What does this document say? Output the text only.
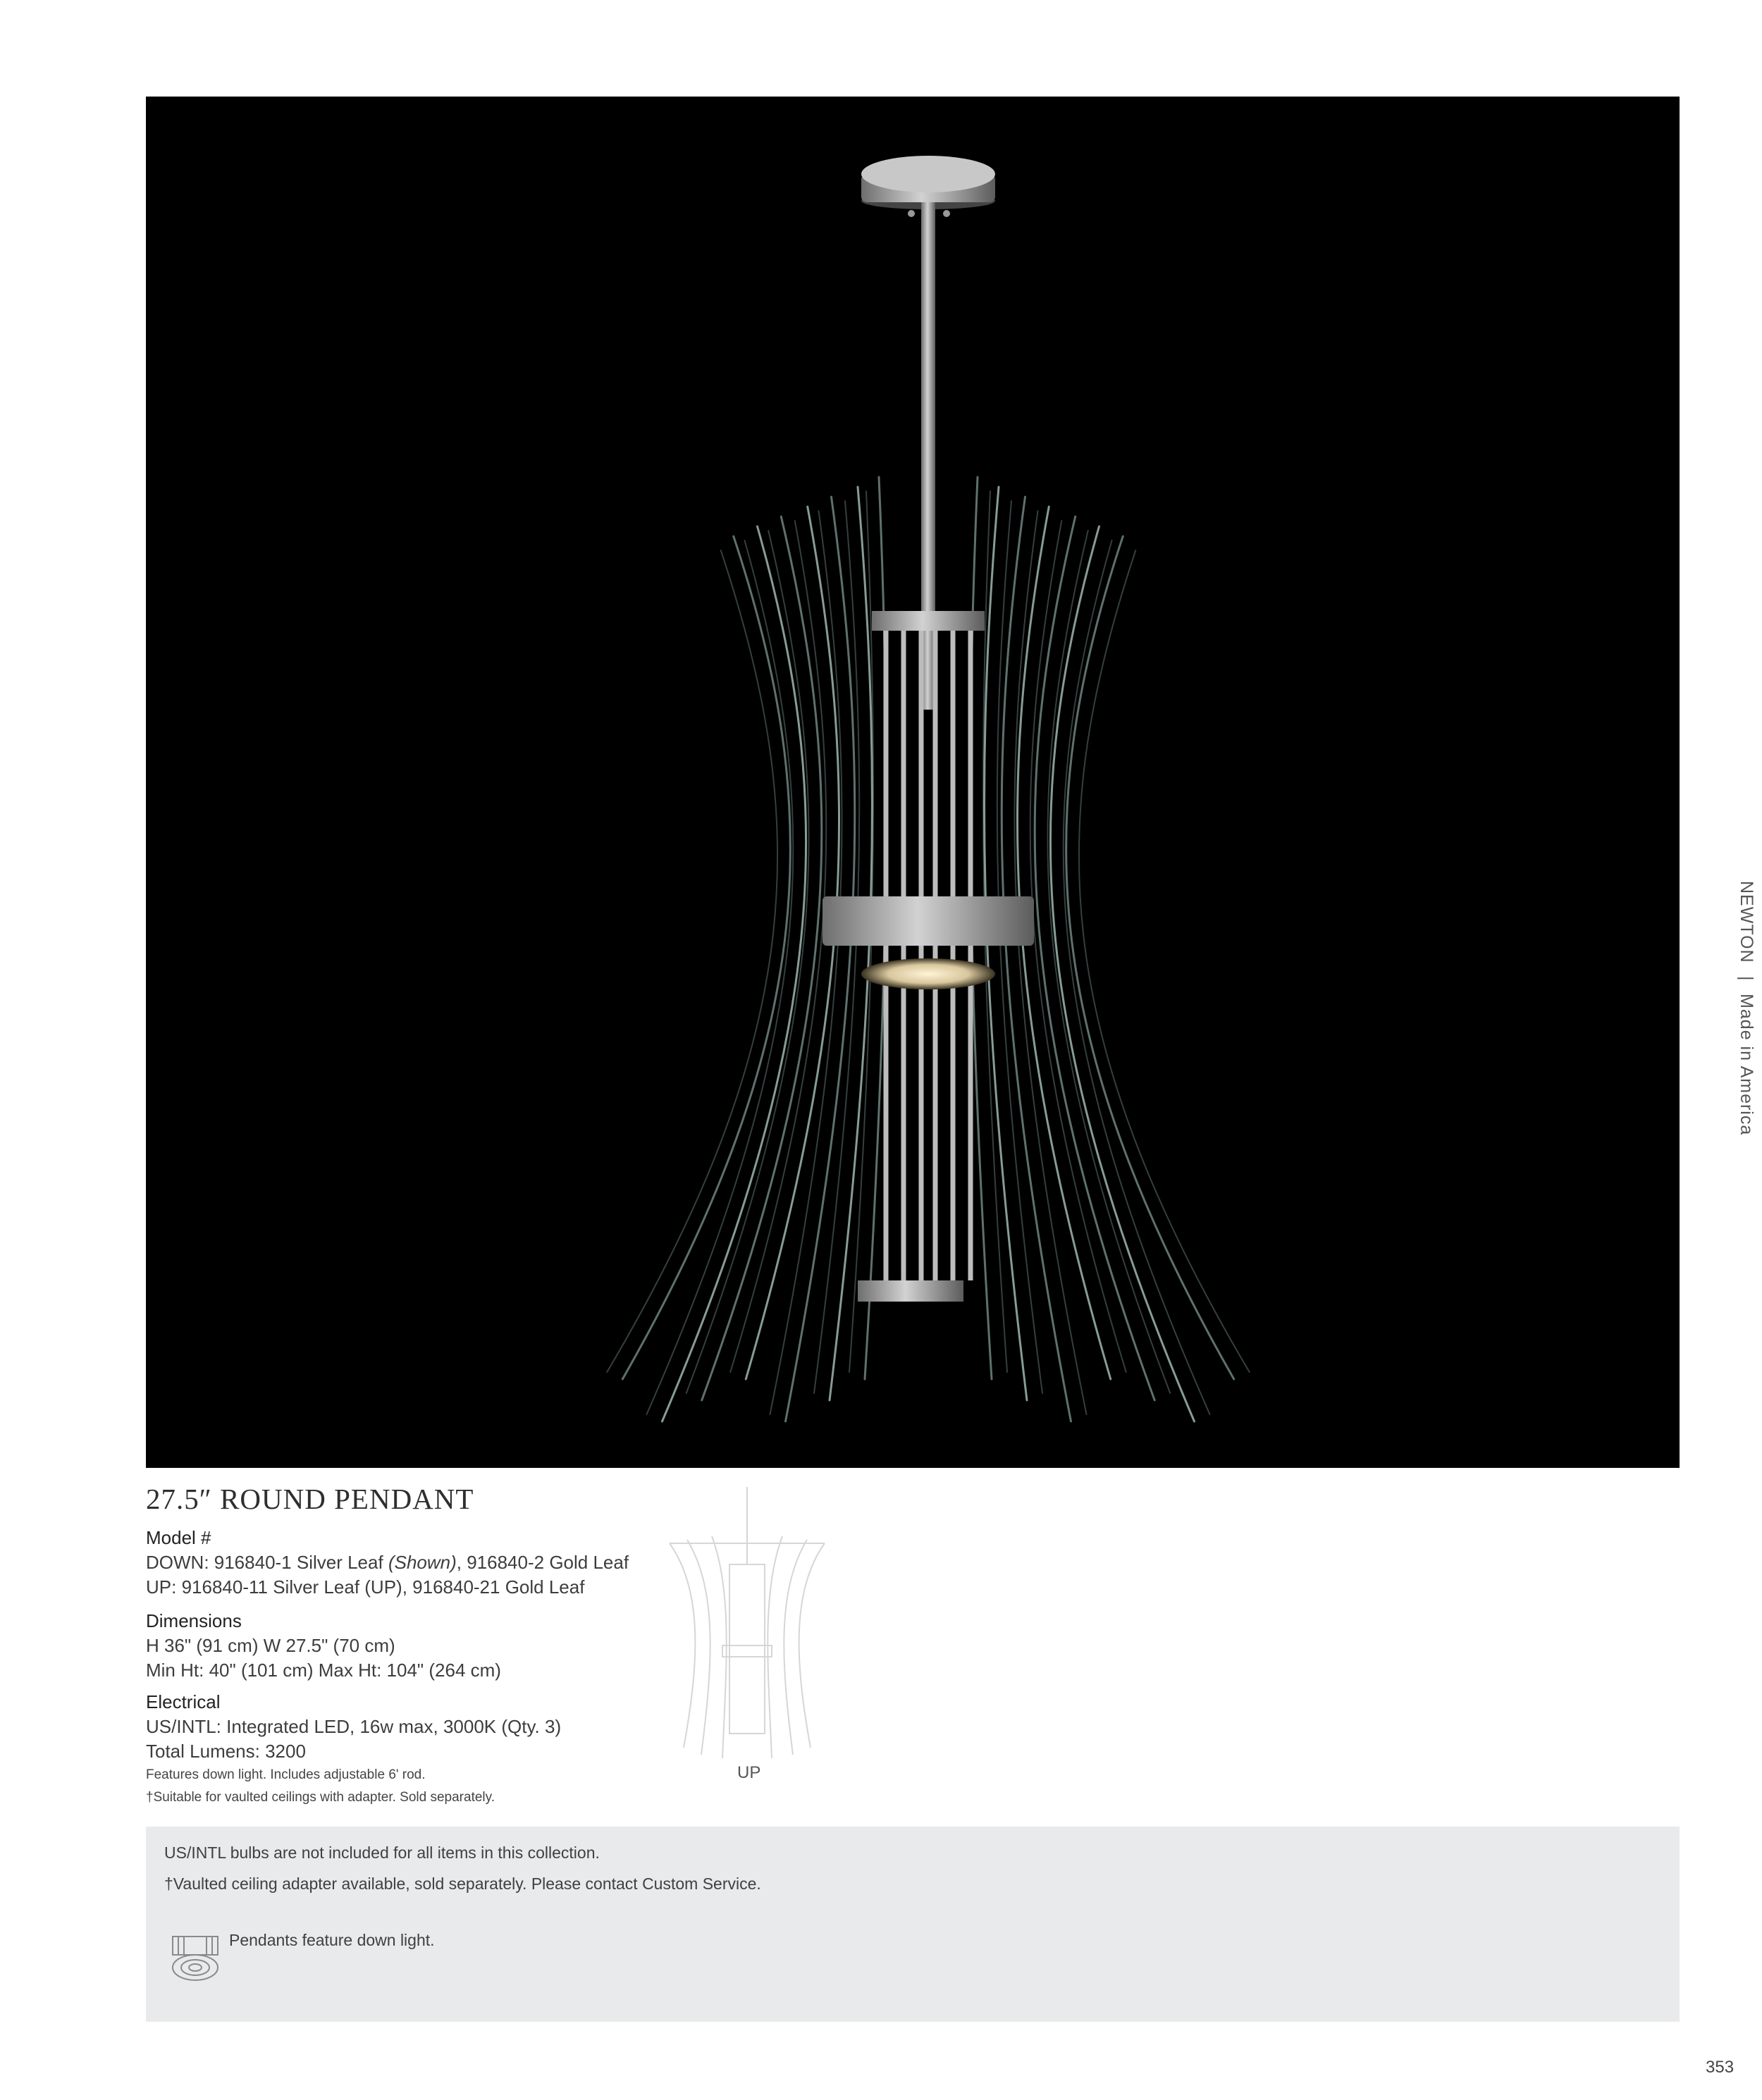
NEWTON | Made in America
27.5″ ROUND PENDANT
Model #
DOWN: 916840-1 Silver Leaf (Shown), 916840-2 Gold Leaf
UP: 916840-11 Silver Leaf (UP), 916840-21 Gold Leaf
Dimensions
H 36" (91 cm) W 27.5" (70 cm)
Min Ht: 40" (101 cm) Max Ht: 104" (264 cm)
Electrical
US/INTL: Integrated LED, 16w max, 3000K (Qty. 3)
Total Lumens: 3200
Features down light. Includes adjustable 6' rod.
†Suitable for vaulted ceilings with adapter. Sold separately.
UP
US/INTL bulbs are not included for all items in this collection.
†Vaulted ceiling adapter available, sold separately. Please contact Custom Service.
Pendants feature down light.
353
